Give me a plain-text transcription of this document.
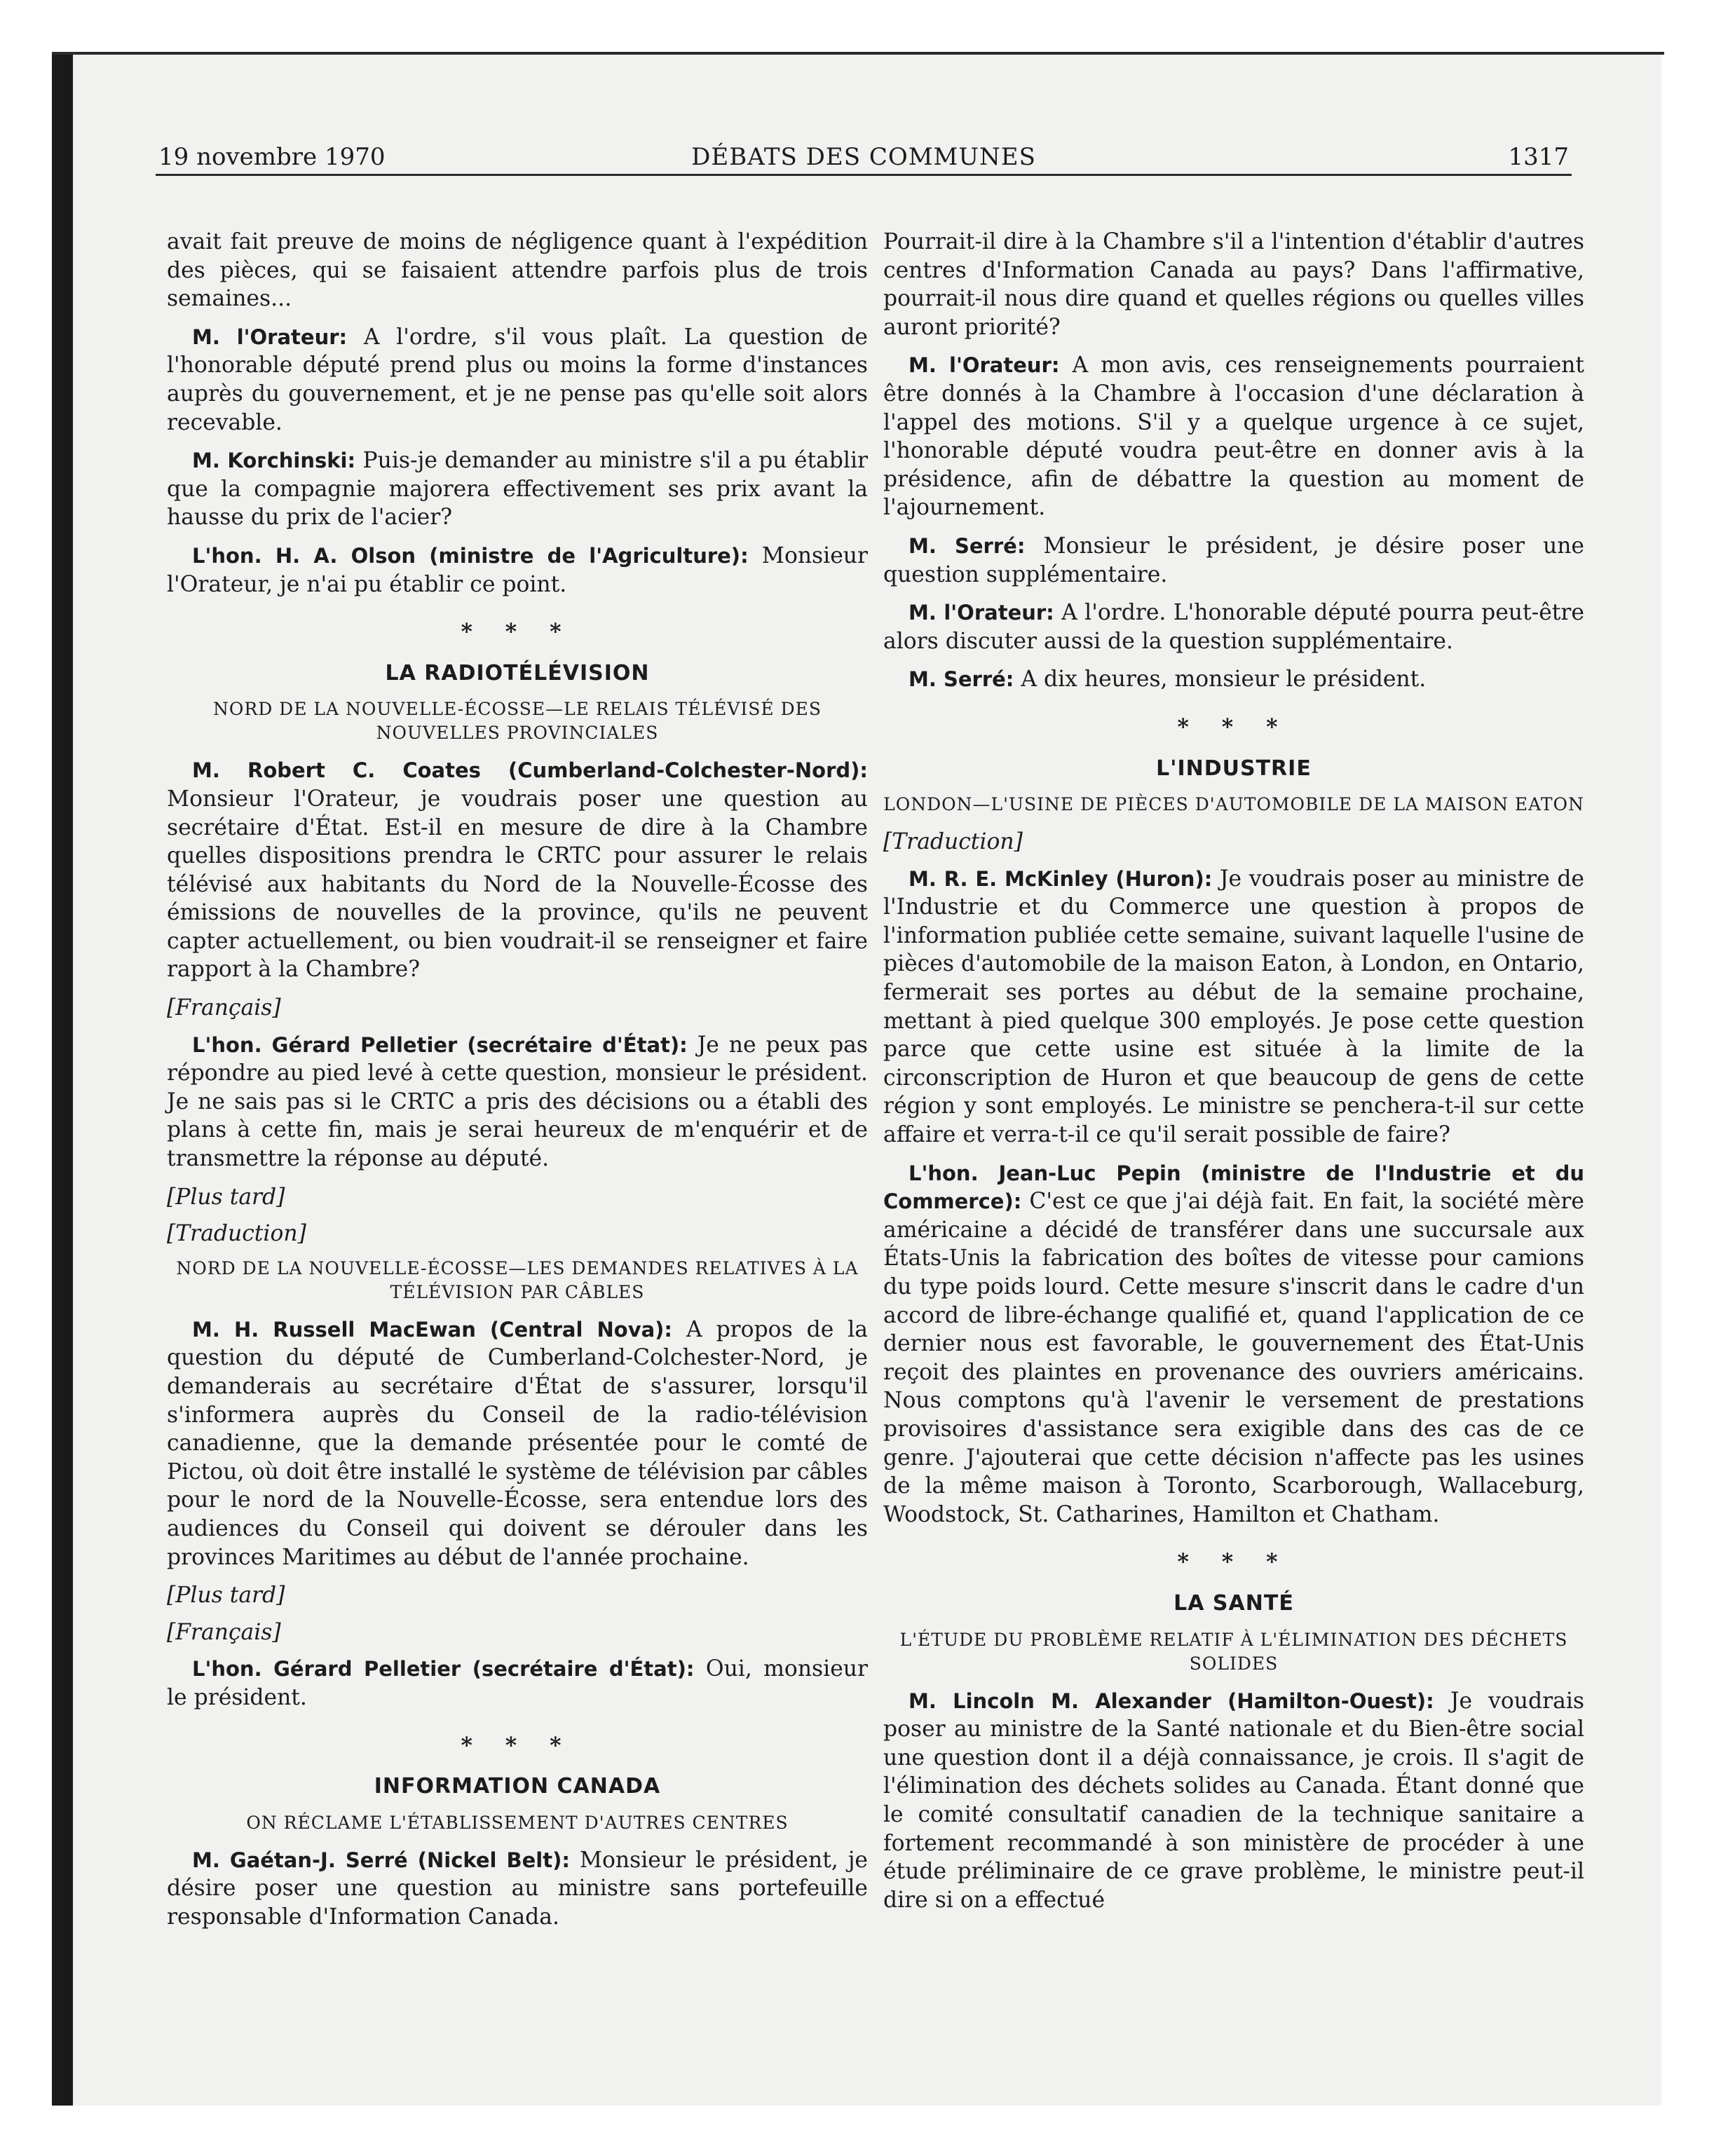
19 novembre 1970	DÉBATS DES COMMUNES	1317

avait fait preuve de moins de négligence quant à l'expédition des pièces, qui se faisaient attendre parfois plus de trois semaines...

M. l'Orateur: A l'ordre, s'il vous plaît. La question de l'honorable député prend plus ou moins la forme d'instances auprès du gouvernement, et je ne pense pas qu'elle soit alors recevable.

M. Korchinski: Puis-je demander au ministre s'il a pu établir que la compagnie majorera effectivement ses prix avant la hausse du prix de l'acier?

L'hon. H. A. Olson (ministre de l'Agriculture): Monsieur l'Orateur, je n'ai pu établir ce point.

* * *

LA RADIOTÉLÉVISION

NORD DE LA NOUVELLE-ÉCOSSE—LE RELAIS TÉLÉVISÉ DES NOUVELLES PROVINCIALES

M. Robert C. Coates (Cumberland-Colchester-Nord): Monsieur l'Orateur, je voudrais poser une question au secrétaire d'État. Est-il en mesure de dire à la Chambre quelles dispositions prendra le CRTC pour assurer le relais télévisé aux habitants du Nord de la Nouvelle-Écosse des émissions de nouvelles de la province, qu'ils ne peuvent capter actuellement, ou bien voudrait-il se renseigner et faire rapport à la Chambre?

[Français]

L'hon. Gérard Pelletier (secrétaire d'État): Je ne peux pas répondre au pied levé à cette question, monsieur le président. Je ne sais pas si le CRTC a pris des décisions ou a établi des plans à cette fin, mais je serai heureux de m'enquérir et de transmettre la réponse au député.

[Plus tard]

[Traduction]

NORD DE LA NOUVELLE-ÉCOSSE—LES DEMANDES RELATIVES À LA TÉLÉVISION PAR CÂBLES

M. H. Russell MacEwan (Central Nova): A propos de la question du député de Cumberland-Colchester-Nord, je demanderais au secrétaire d'État de s'assurer, lorsqu'il s'informera auprès du Conseil de la radio-télévision canadienne, que la demande présentée pour le comté de Pictou, où doit être installé le système de télévision par câbles pour le nord de la Nouvelle-Écosse, sera entendue lors des audiences du Conseil qui doivent se dérouler dans les provinces Maritimes au début de l'année prochaine.

[Plus tard]

[Français]

L'hon. Gérard Pelletier (secrétaire d'État): Oui, monsieur le président.

* * *

INFORMATION CANADA

ON RÉCLAME L'ÉTABLISSEMENT D'AUTRES CENTRES

M. Gaétan-J. Serré (Nickel Belt): Monsieur le président, je désire poser une question au ministre sans portefeuille responsable d'Information Canada.

Pourrait-il dire à la Chambre s'il a l'intention d'établir d'autres centres d'Information Canada au pays? Dans l'affirmative, pourrait-il nous dire quand et quelles régions ou quelles villes auront priorité?

M. l'Orateur: A mon avis, ces renseignements pourraient être donnés à la Chambre à l'occasion d'une déclaration à l'appel des motions. S'il y a quelque urgence à ce sujet, l'honorable député voudra peut-être en donner avis à la présidence, afin de débattre la question au moment de l'ajournement.

M. Serré: Monsieur le président, je désire poser une question supplémentaire.

M. l'Orateur: A l'ordre. L'honorable député pourra peut-être alors discuter aussi de la question supplémentaire.

M. Serré: A dix heures, monsieur le président.

* * *

L'INDUSTRIE

LONDON—L'USINE DE PIÈCES D'AUTOMOBILE DE LA MAISON EATON

[Traduction]

M. R. E. McKinley (Huron): Je voudrais poser au ministre de l'Industrie et du Commerce une question à propos de l'information publiée cette semaine, suivant laquelle l'usine de pièces d'automobile de la maison Eaton, à London, en Ontario, fermerait ses portes au début de la semaine prochaine, mettant à pied quelque 300 employés. Je pose cette question parce que cette usine est située à la limite de la circonscription de Huron et que beaucoup de gens de cette région y sont employés. Le ministre se penchera-t-il sur cette affaire et verra-t-il ce qu'il serait possible de faire?

L'hon. Jean-Luc Pepin (ministre de l'Industrie et du Commerce): C'est ce que j'ai déjà fait. En fait, la société mère américaine a décidé de transférer dans une succursale aux États-Unis la fabrication des boîtes de vitesse pour camions du type poids lourd. Cette mesure s'inscrit dans le cadre d'un accord de libre-échange qualifié et, quand l'application de ce dernier nous est favorable, le gouvernement des État-Unis reçoit des plaintes en provenance des ouvriers américains. Nous comptons qu'à l'avenir le versement de prestations provisoires d'assistance sera exigible dans des cas de ce genre. J'ajouterai que cette décision n'affecte pas les usines de la même maison à Toronto, Scarborough, Wallaceburg, Woodstock, St. Catharines, Hamilton et Chatham.

* * *

LA SANTÉ

L'ÉTUDE DU PROBLÈME RELATIF À L'ÉLIMINATION DES DÉCHETS SOLIDES

M. Lincoln M. Alexander (Hamilton-Ouest): Je voudrais poser au ministre de la Santé nationale et du Bien-être social une question dont il a déjà connaissance, je crois. Il s'agit de l'élimination des déchets solides au Canada. Étant donné que le comité consultatif canadien de la technique sanitaire a fortement recommandé à son ministère de procéder à une étude préliminaire de ce grave problème, le ministre peut-il dire si on a effectué
